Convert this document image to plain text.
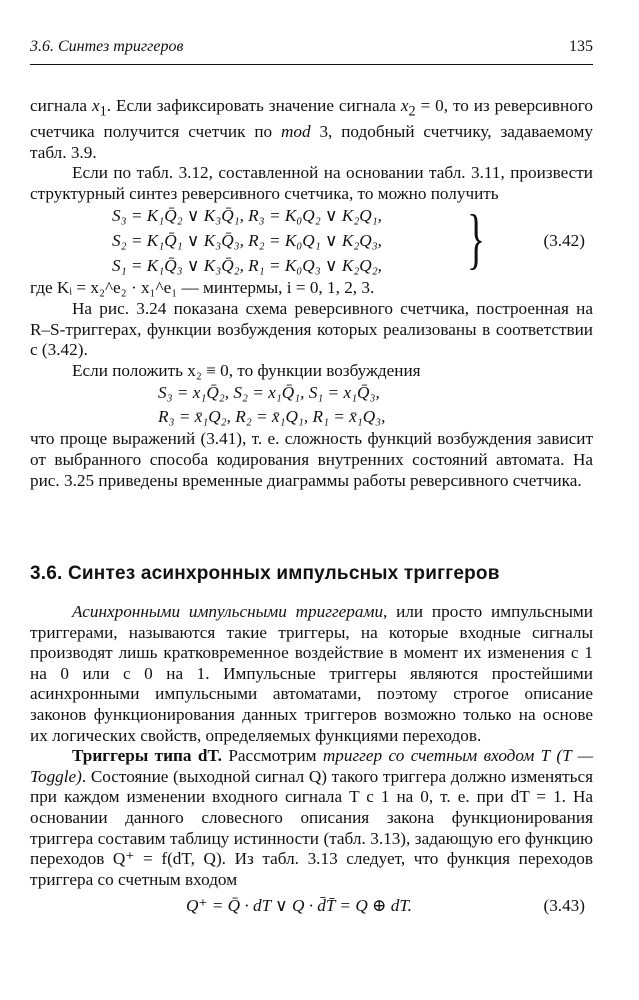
3.6. Синтез триггеров	135

сигнала $x_1$. Если зафиксировать значение сигнала $x_2 = 0$, то из реверсивного счетчика получится счетчик по mod 3, подобный счетчику, задаваемому табл. 3.9.

Если по табл. 3.12, составленной на основании табл. 3.11, произвести структурный синтез реверсивного счетчика, то можно получить

S₃ = K₁Q̄₂ ∨ K₃Q̄₁, R₃ = K₀Q₂ ∨ K₂Q₁,
S₂ = K₁Q̄₁ ∨ K₃Q̄₃, R₂ = K₀Q₁ ∨ K₂Q₃,
S₁ = K₁Q̄₃ ∨ K₃Q̄₂, R₁ = K₀Q₃ ∨ K₂Q₂, }	(3.42)

где Kᵢ = x₂^e₂ · x₁^e₁ — минтермы, i = 0, 1, 2, 3.

На рис. 3.24 показана схема реверсивного счетчика, построенная на R–S-триггерах, функции возбуждения которых реализованы в соответствии с (3.42).

Если положить x₂ ≡ 0, то функции возбуждения

S₃ = x₁Q̄₂, S₂ = x₁Q̄₁, S₁ = x₁Q̄₃,
R₃ = x̄₁Q₂, R₂ = x̄₁Q₁, R₁ = x̄₁Q₃,

что проще выражений (3.41), т. е. сложность функций возбуждения зависит от выбранного способа кодирования внутренних состояний автомата. На рис. 3.25 приведены временные диаграммы работы реверсивного счетчика.

3.6. Синтез асинхронных импульсных триггеров

Асинхронными импульсными триггерами, или просто импульсными триггерами, называются такие триггеры, на которые входные сигналы производят лишь кратковременное воздействие в момент их изменения с 1 на 0 или с 0 на 1. Импульсные триггеры являются простейшими асинхронными импульсными автоматами, поэтому строгое описание законов функционирования данных триггеров возможно только на основе их логических свойств, определяемых функциями переходов.

Триггеры типа dT. Рассмотрим триггер со счетным входом T (T — Toggle). Состояние (выходной сигнал Q) такого триггера должно изменяться при каждом изменении входного сигнала T с 1 на 0, т. е. при dT = 1. На основании данного словесного описания закона функционирования триггера составим таблицу истинности (табл. 3.13), задающую его функцию переходов Q⁺ = f(dT, Q). Из табл. 3.13 следует, что функция переходов триггера со счетным входом

Q⁺ = Q̄ · dT ∨ Q · d̄T̄ = Q ⊕ dT.	(3.43)
